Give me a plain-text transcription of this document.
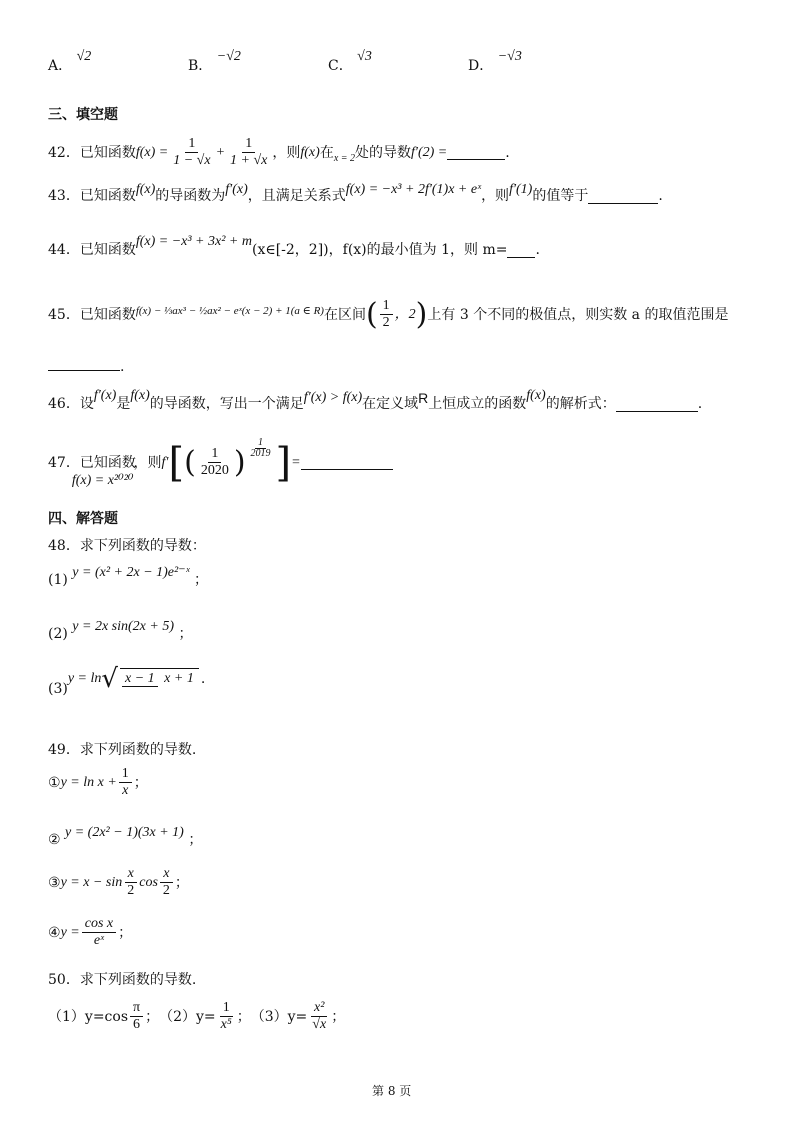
A． √2
B． −√2
C． √3
D． −√3
三、填空题
42．已知函数 $f(x) = \frac{1}{1 - √x} + \frac{1}{1 + √x}$ ，则 f(x) 在 x = 2 处的导数 f′(2) =	.
43．已知函数 f(x) 的导函数为 f′(x) ，且满足关系式 f(x) = −x³ + 2f′(1)x + eˣ ，则 f′(1) 的值等于	.
44．已知函数
f(x) = −x³ + 3x² + m
(x∈[-2，2])，f(x)的最小值为 1，则 m= .
45．已知函数 f(x) − ⅓ax³ − ½ax² − eˣ(x − 2) + 1(a ∈ R) 在区间 ( $\frac{1}{2}$ ，2 ) 上有 3 个不同的极值点，则实数 a 的取值范围是
.
46．设
f′(x)
是
f(x)
的导函数，写出一个满足 f′(x) > f(x) 在定义域 R 上恒成立的函数
f(x)
的解析式：	.
47．已知函数
f(x) = x²⁰²⁰
，则 f′ [ ( $\frac{1}{2020}$ ) $\frac{1}{2019}$ ] =
四、解答题
48．求下列函数的导数：
(1) y = (x² + 2x − 1)e²⁻ˣ ；
(2) y = 2x sin(2x + 5) ；
(3)
y = ln √ x − 1 x + 1 .
49．求下列函数的导数.
① $y = \ln x + \frac{1}{x}$ ；
② y = (2x² − 1)(3x + 1) ；
③ $y = x - \sin \frac{x}{2}$ $\cos \frac{x}{2}$ ；
④ $y = \frac{\text{cos x}}{\text{eˣ}}$ ；
50．求下列函数的导数.
$(1)y=\cos \frac{\pi}{6}$ ； $(2)y= \frac{1}{\text{x⁵}}$ ； $(3)y= \frac{\text{x²}}{√x}$ ；
第 8 页
